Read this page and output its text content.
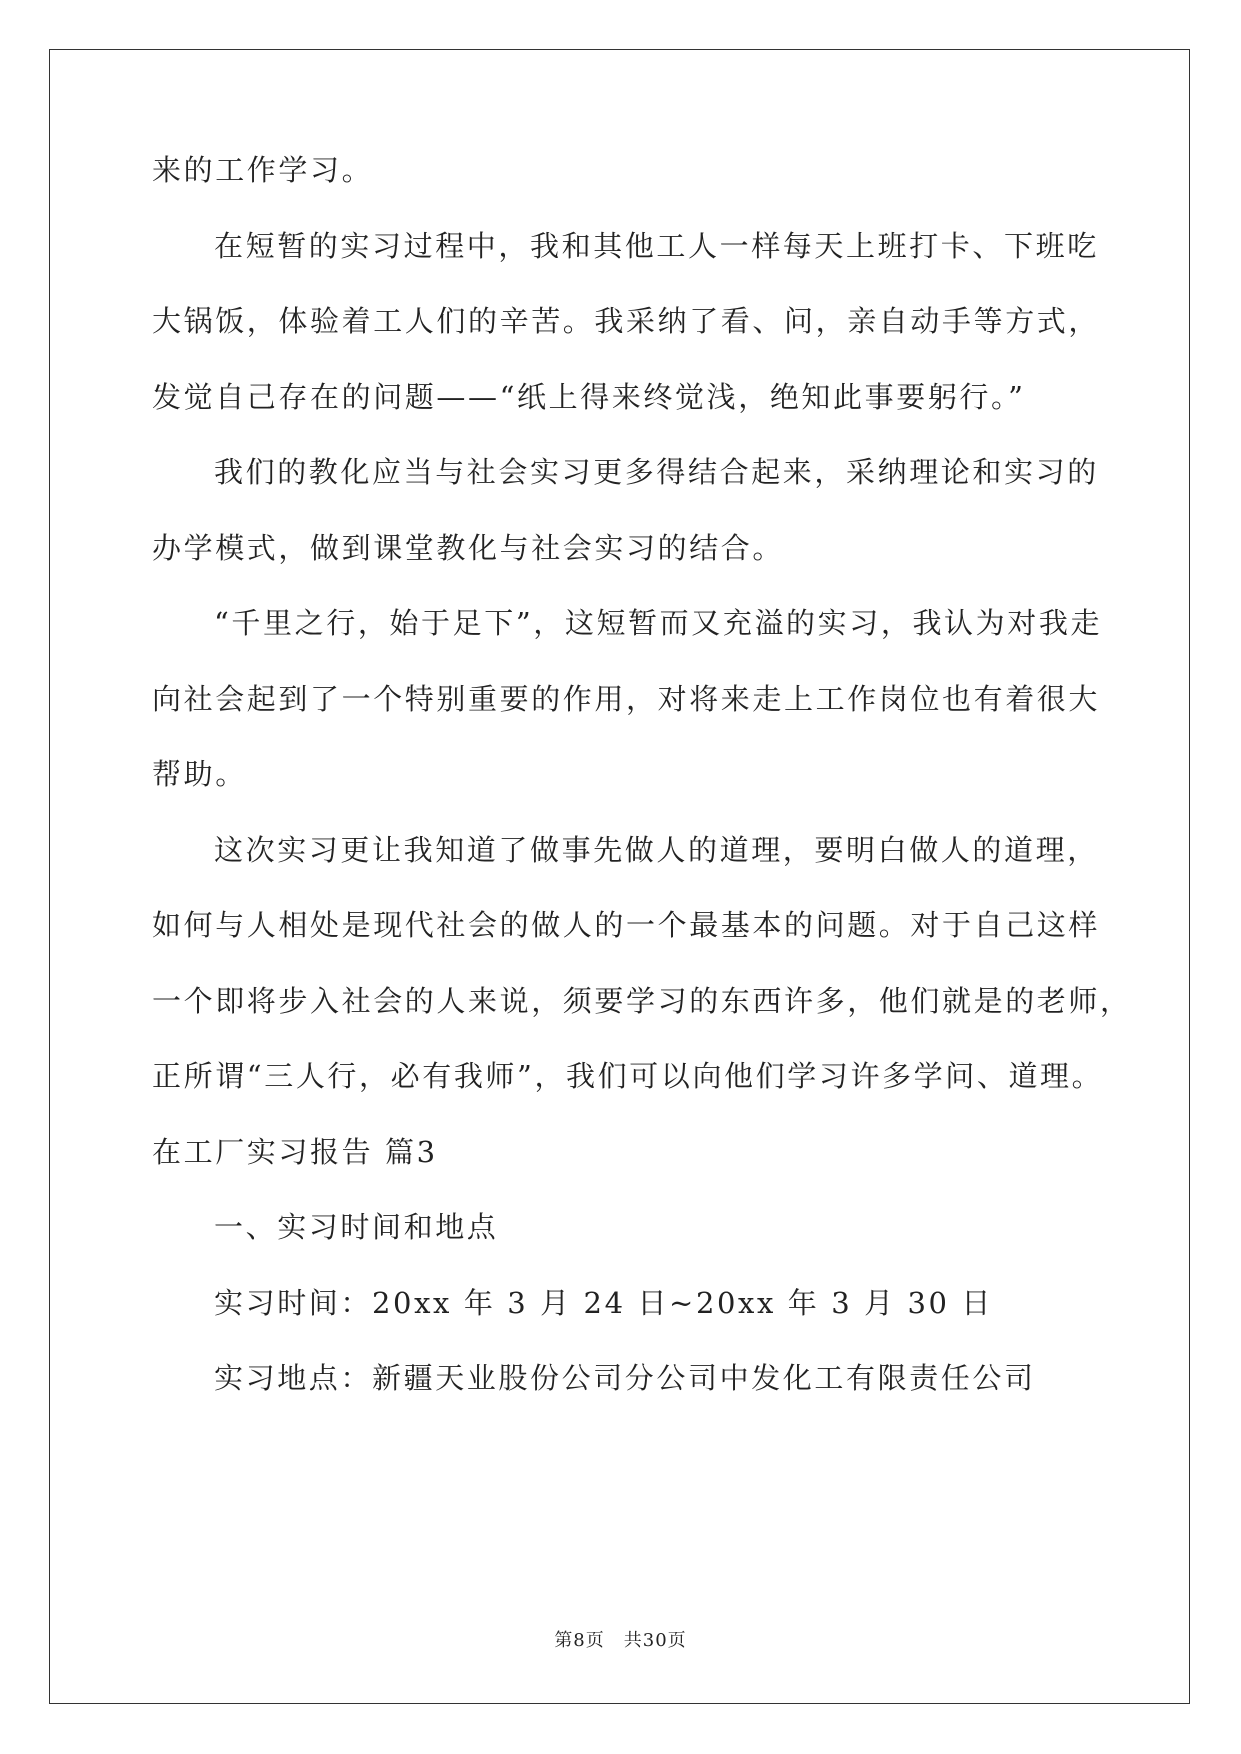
来的工作学习。
在短暂的实习过程中，我和其他工人一样每天上班打卡、下班吃
大锅饭，体验着工人们的辛苦。我采纳了看、问，亲自动手等方式，
发觉自己存在的问题——“纸上得来终觉浅，绝知此事要躬行。”
我们的教化应当与社会实习更多得结合起来，采纳理论和实习的
办学模式，做到课堂教化与社会实习的结合。
“千里之行，始于足下”，这短暂而又充溢的实习，我认为对我走
向社会起到了一个特别重要的作用，对将来走上工作岗位也有着很大
帮助。
这次实习更让我知道了做事先做人的道理，要明白做人的道理，
如何与人相处是现代社会的做人的一个最基本的问题。对于自己这样
一个即将步入社会的人来说，须要学习的东西许多，他们就是的老师，
正所谓“三人行，必有我师”，我们可以向他们学习许多学问、道理。
在工厂实习报告 篇3
一、实习时间和地点
实习时间：20xx 年 3 月 24 日~20xx 年 3 月 30 日
实习地点：新疆天业股份公司分公司中发化工有限责任公司
第8页　共30页
